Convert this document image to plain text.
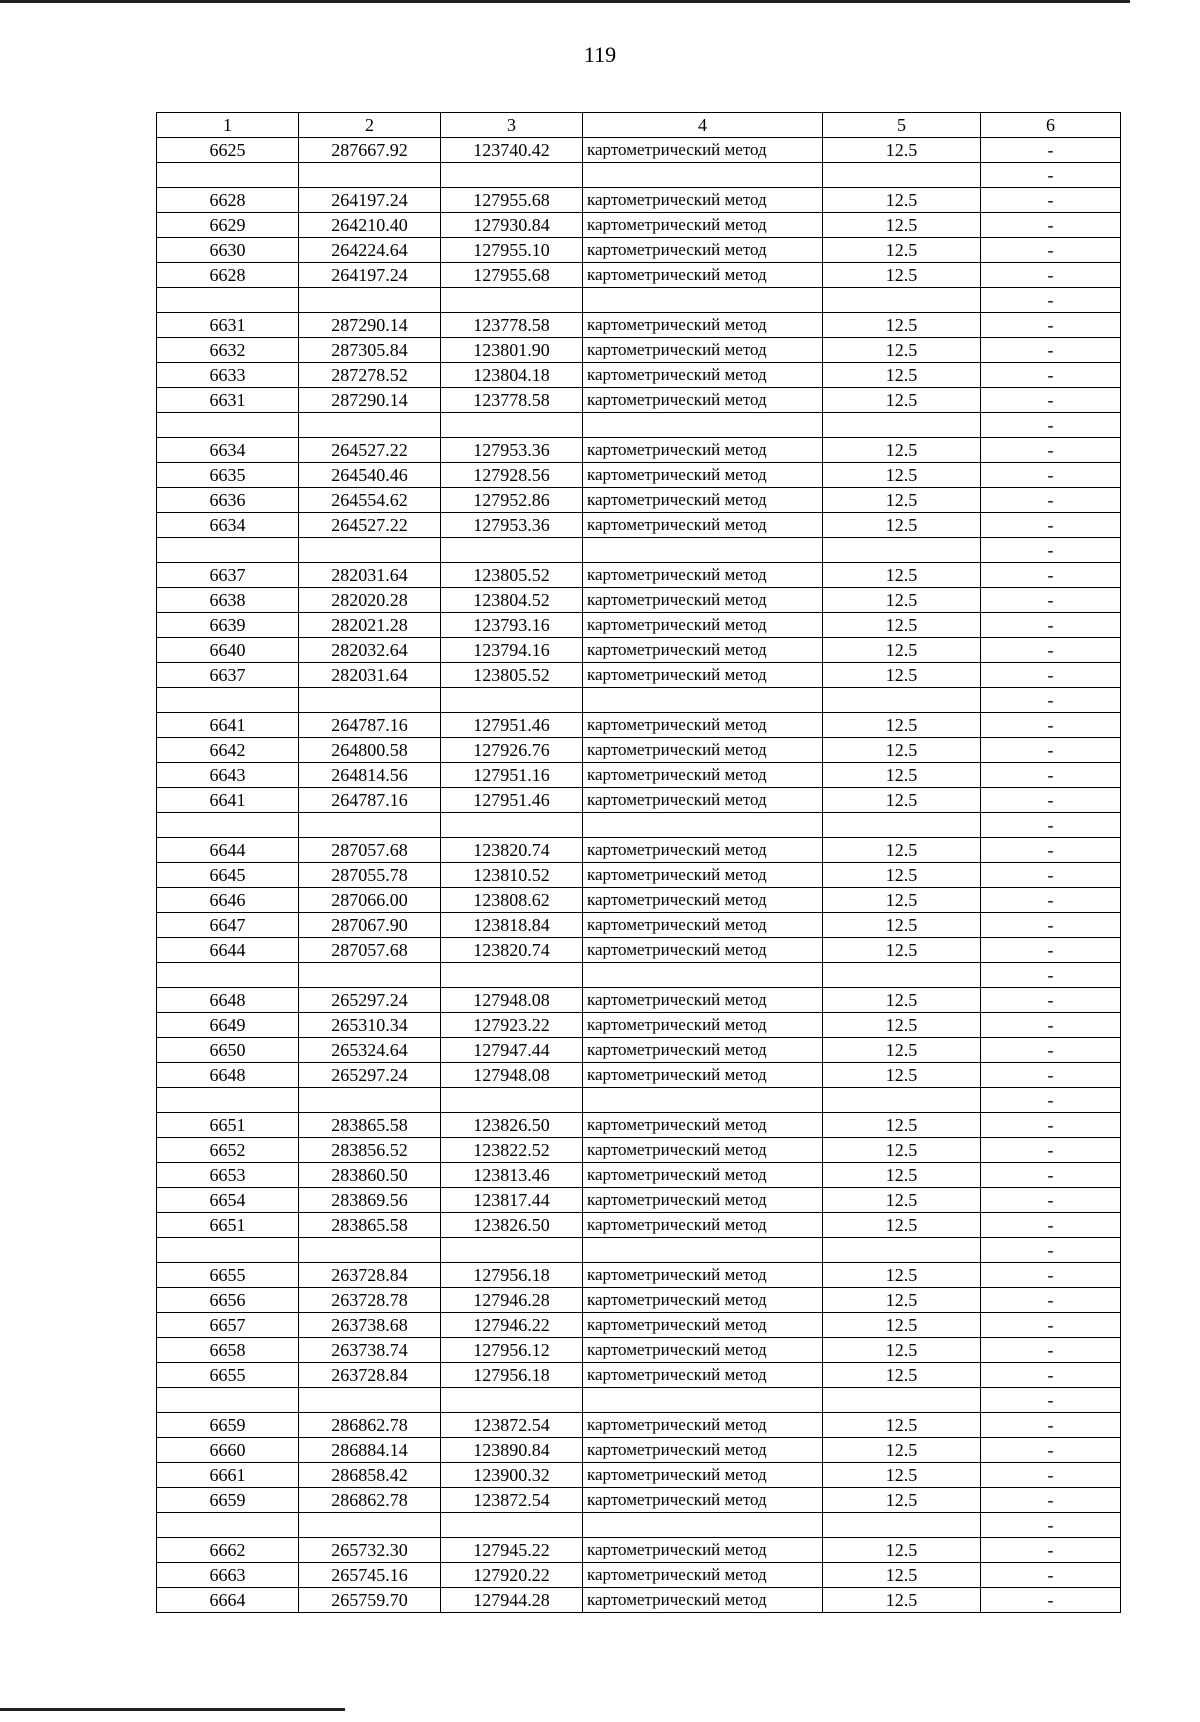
119
1	2	3	4	5	6
6625	287667.92	123740.42	картометрический метод	12.5	-
					-
6628	264197.24	127955.68	картометрический метод	12.5	-
6629	264210.40	127930.84	картометрический метод	12.5	-
6630	264224.64	127955.10	картометрический метод	12.5	-
6628	264197.24	127955.68	картометрический метод	12.5	-
					-
6631	287290.14	123778.58	картометрический метод	12.5	-
6632	287305.84	123801.90	картометрический метод	12.5	-
6633	287278.52	123804.18	картометрический метод	12.5	-
6631	287290.14	123778.58	картометрический метод	12.5	-
					-
6634	264527.22	127953.36	картометрический метод	12.5	-
6635	264540.46	127928.56	картометрический метод	12.5	-
6636	264554.62	127952.86	картометрический метод	12.5	-
6634	264527.22	127953.36	картометрический метод	12.5	-
					-
6637	282031.64	123805.52	картометрический метод	12.5	-
6638	282020.28	123804.52	картометрический метод	12.5	-
6639	282021.28	123793.16	картометрический метод	12.5	-
6640	282032.64	123794.16	картометрический метод	12.5	-
6637	282031.64	123805.52	картометрический метод	12.5	-
					-
6641	264787.16	127951.46	картометрический метод	12.5	-
6642	264800.58	127926.76	картометрический метод	12.5	-
6643	264814.56	127951.16	картометрический метод	12.5	-
6641	264787.16	127951.46	картометрический метод	12.5	-
					-
6644	287057.68	123820.74	картометрический метод	12.5	-
6645	287055.78	123810.52	картометрический метод	12.5	-
6646	287066.00	123808.62	картометрический метод	12.5	-
6647	287067.90	123818.84	картометрический метод	12.5	-
6644	287057.68	123820.74	картометрический метод	12.5	-
					-
6648	265297.24	127948.08	картометрический метод	12.5	-
6649	265310.34	127923.22	картометрический метод	12.5	-
6650	265324.64	127947.44	картометрический метод	12.5	-
6648	265297.24	127948.08	картометрический метод	12.5	-
					-
6651	283865.58	123826.50	картометрический метод	12.5	-
6652	283856.52	123822.52	картометрический метод	12.5	-
6653	283860.50	123813.46	картометрический метод	12.5	-
6654	283869.56	123817.44	картометрический метод	12.5	-
6651	283865.58	123826.50	картометрический метод	12.5	-
					-
6655	263728.84	127956.18	картометрический метод	12.5	-
6656	263728.78	127946.28	картометрический метод	12.5	-
6657	263738.68	127946.22	картометрический метод	12.5	-
6658	263738.74	127956.12	картометрический метод	12.5	-
6655	263728.84	127956.18	картометрический метод	12.5	-
					-
6659	286862.78	123872.54	картометрический метод	12.5	-
6660	286884.14	123890.84	картометрический метод	12.5	-
6661	286858.42	123900.32	картометрический метод	12.5	-
6659	286862.78	123872.54	картометрический метод	12.5	-
					-
6662	265732.30	127945.22	картометрический метод	12.5	-
6663	265745.16	127920.22	картометрический метод	12.5	-
6664	265759.70	127944.28	картометрический метод	12.5	-
